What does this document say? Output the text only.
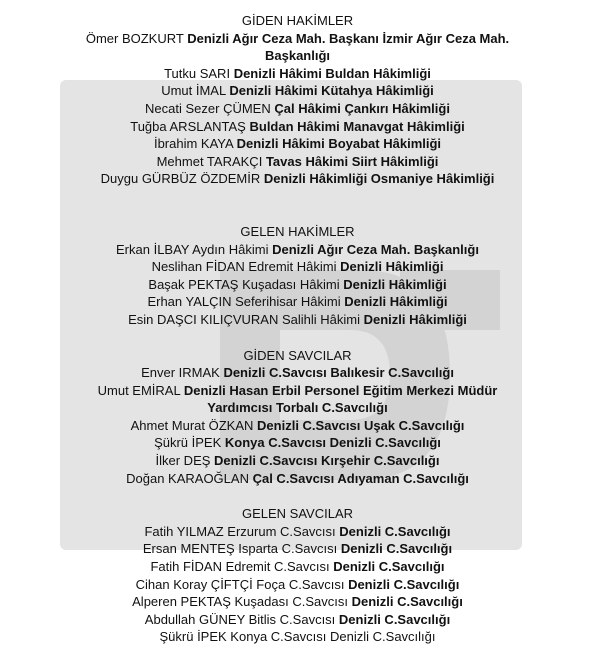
GİDEN HAKİMLER
Ömer BOZKURT Denizli Ağır Ceza Mah. Başkanı İzmir Ağır Ceza Mah. Başkanlığı
Tutku SARI Denizli Hâkimi Buldan Hâkimliği
Umut İMAL Denizli Hâkimi Kütahya Hâkimliği
Necati Sezer ÇÜMEN Çal Hâkimi Çankırı Hâkimliği
Tuğba ARSLANTAŞ Buldan Hâkimi Manavgat Hâkimliği
İbrahim KAYA Denizli Hâkimi Boyabat Hâkimliği
Mehmet TARAKÇI Tavas Hâkimi Siirt Hâkimliği
Duygu GÜRBÜZ ÖZDEMİR Denizli Hâkimliği Osmaniye Hâkimliği
GELEN HAKİMLER
Erkan İLBAY Aydın Hâkimi Denizli Ağır Ceza Mah. Başkanlığı
Neslihan FİDAN Edremit Hâkimi Denizli Hâkimliği
Başak PEKTAŞ Kuşadası Hâkimi Denizli Hâkimliği
Erhan YALÇIN Seferihisar Hâkimi Denizli Hâkimliği
Esin DAŞCI KILIÇVURAN Salihli Hâkimi Denizli Hâkimliği
GİDEN SAVCILAR
Enver IRMAK Denizli C.Savcısı Balıkesir C.Savcılığı
Umut EMİRAL Denizli Hasan Erbil Personel Eğitim Merkezi Müdür Yardımcısı Torbalı C.Savcılığı
Ahmet Murat ÖZKAN Denizli C.Savcısı Uşak C.Savcılığı
Şükrü İPEK Konya C.Savcısı Denizli C.Savcılığı
İlker DEŞ Denizli C.Savcısı Kırşehir C.Savcılığı
Doğan KARAOĞLAN Çal C.Savcısı Adıyaman C.Savcılığı
GELEN SAVCILAR
Fatih YILMAZ Erzurum C.Savcısı Denizli C.Savcılığı
Ersan MENTEŞ Isparta C.Savcısı Denizli C.Savcılığı
Fatih FİDAN Edremit C.Savcısı Denizli C.Savcılığı
Cihan Koray ÇİFTÇİ Foça C.Savcısı Denizli C.Savcılığı
Alperen PEKTAŞ Kuşadası C.Savcısı Denizli C.Savcılığı
Abdullah GÜNEY Bitlis C.Savcısı Denizli C.Savcılığı
Şükrü İPEK Konya C.Savcısı Denizli C.Savcılığı
